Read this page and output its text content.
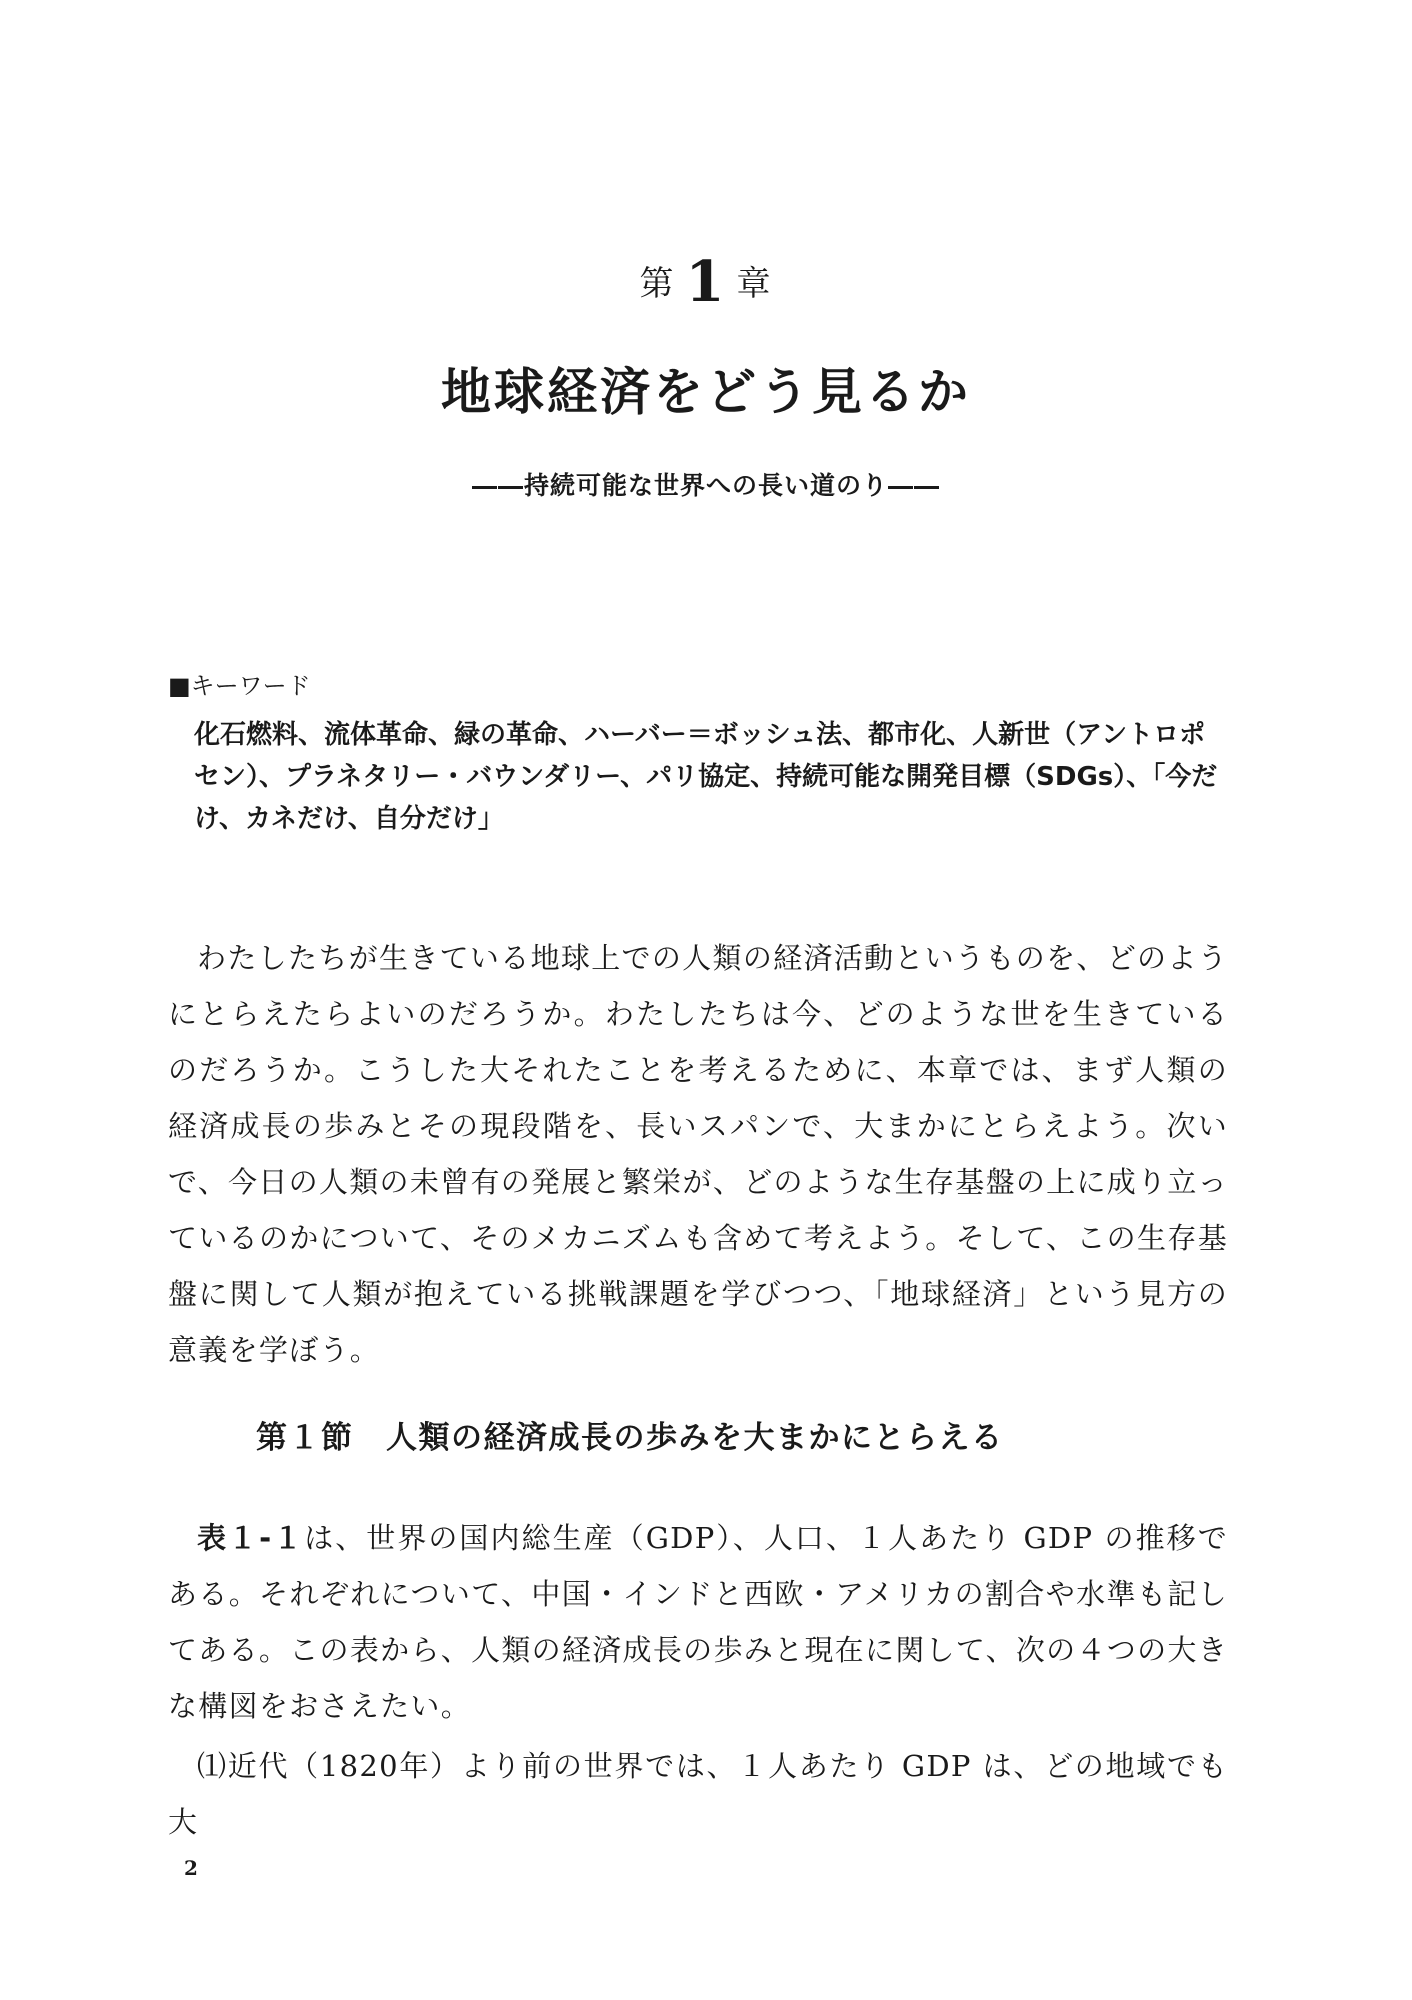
第 1 章
地球経済をどう見るか
――持続可能な世界への長い道のり――
■キーワード
化石燃料、流体革命、緑の革命、ハーバー＝ボッシュ法、都市化、人新世（アントロポセン）、プラネタリー・バウンダリー、パリ協定、持続可能な開発目標（SDGs）、「今だけ、カネだけ、自分だけ」
わたしたちが生きている地球上での人類の経済活動というものを、どのようにとらえたらよいのだろうか。わたしたちは今、どのような世を生きているのだろうか。こうした大それたことを考えるために、本章では、まず人類の経済成長の歩みとその現段階を、長いスパンで、大まかにとらえよう。次いで、今日の人類の未曾有の発展と繁栄が、どのような生存基盤の上に成り立っているのかについて、そのメカニズムも含めて考えよう。そして、この生存基盤に関して人類が抱えている挑戦課題を学びつつ、「地球経済」という見方の意義を学ぼう。
第１節　人類の経済成長の歩みを大まかにとらえる
表１‐１は、世界の国内総生産（GDP）、人口、１人あたり GDP の推移である。それぞれについて、中国・インドと西欧・アメリカの割合や水準も記してある。この表から、人類の経済成長の歩みと現在に関して、次の４つの大きな構図をおさえたい。
⑴近代（1820年）より前の世界では、１人あたり GDP は、どの地域でも大
2
